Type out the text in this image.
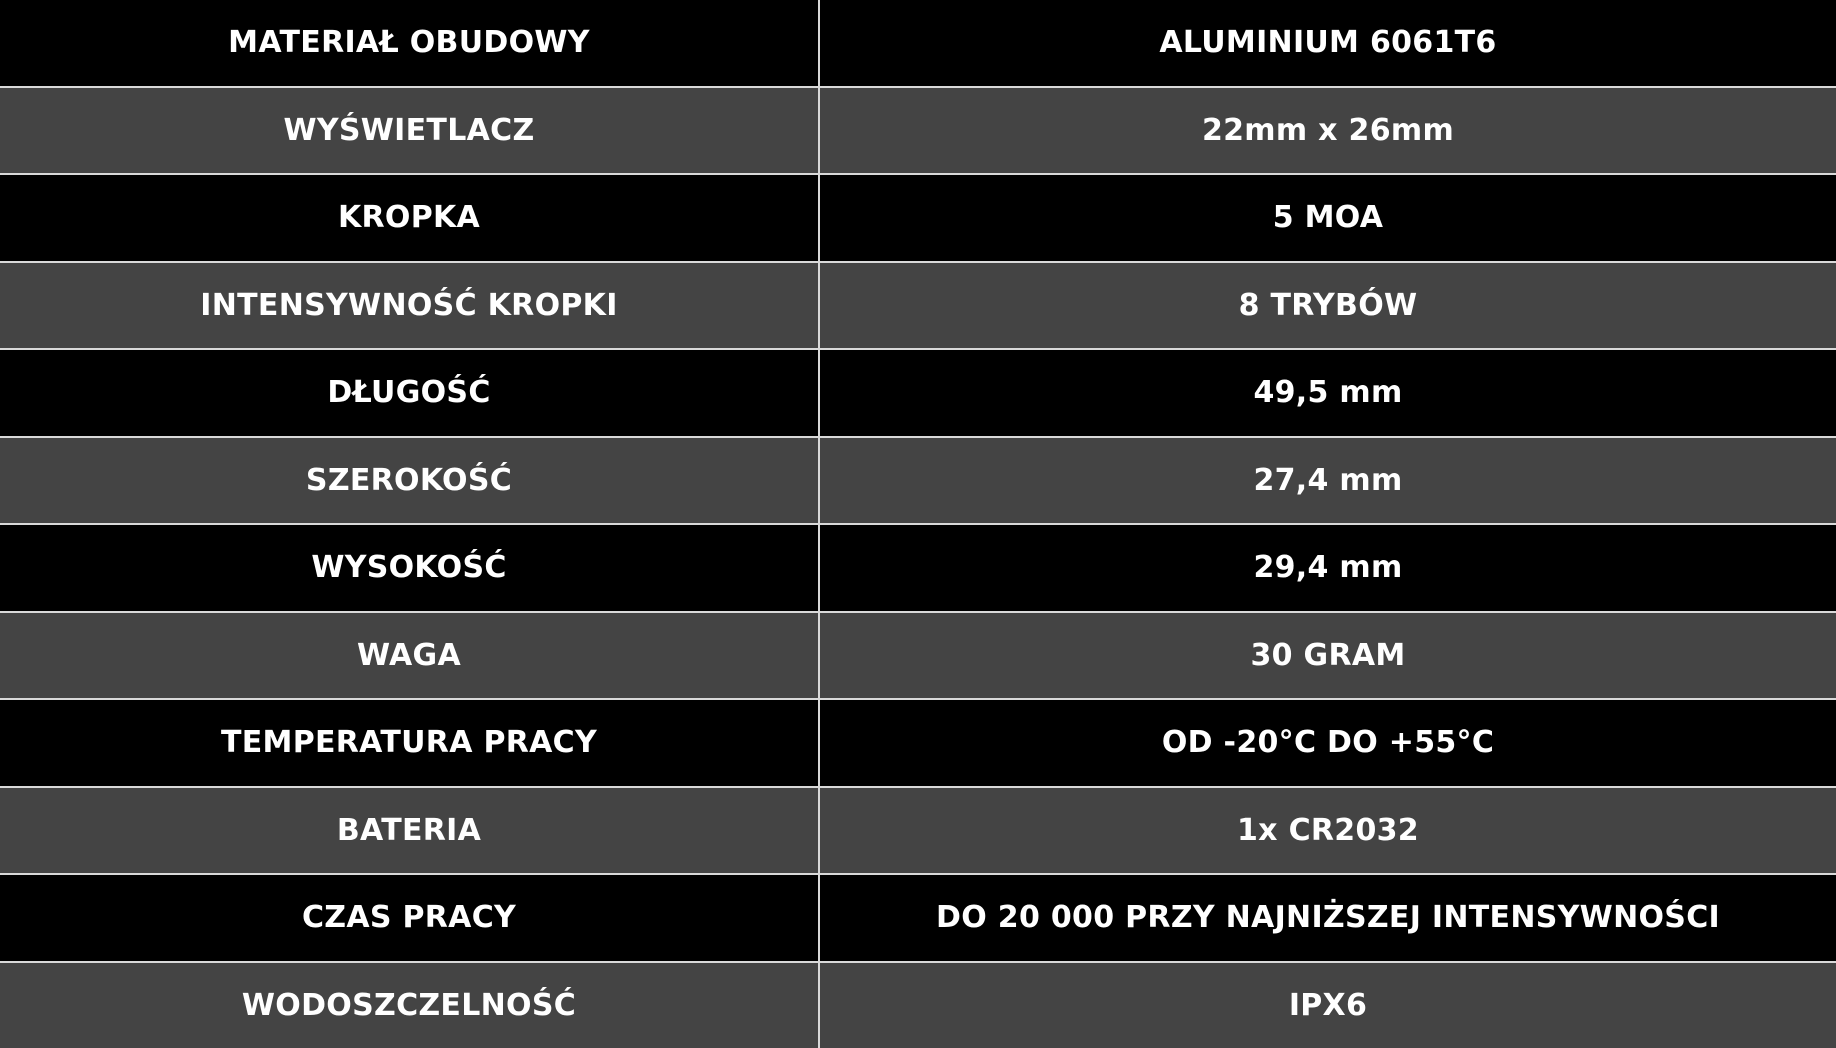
MATERIAŁ OBUDOWY	ALUMINIUM 6061T6
WYŚWIETLACZ	22mm x 26mm
KROPKA	5 MOA
INTENSYWNOŚĆ KROPKI	8 TRYBÓW
DŁUGOŚĆ	49,5 mm
SZEROKOŚĆ	27,4 mm
WYSOKOŚĆ	29,4 mm
WAGA	30 GRAM
TEMPERATURA PRACY	OD -20°C DO +55°C
BATERIA	1x CR2032
CZAS PRACY	DO 20 000 PRZY NAJNIŻSZEJ INTENSYWNOŚCI
WODOSZCZELNOŚĆ	IPX6
